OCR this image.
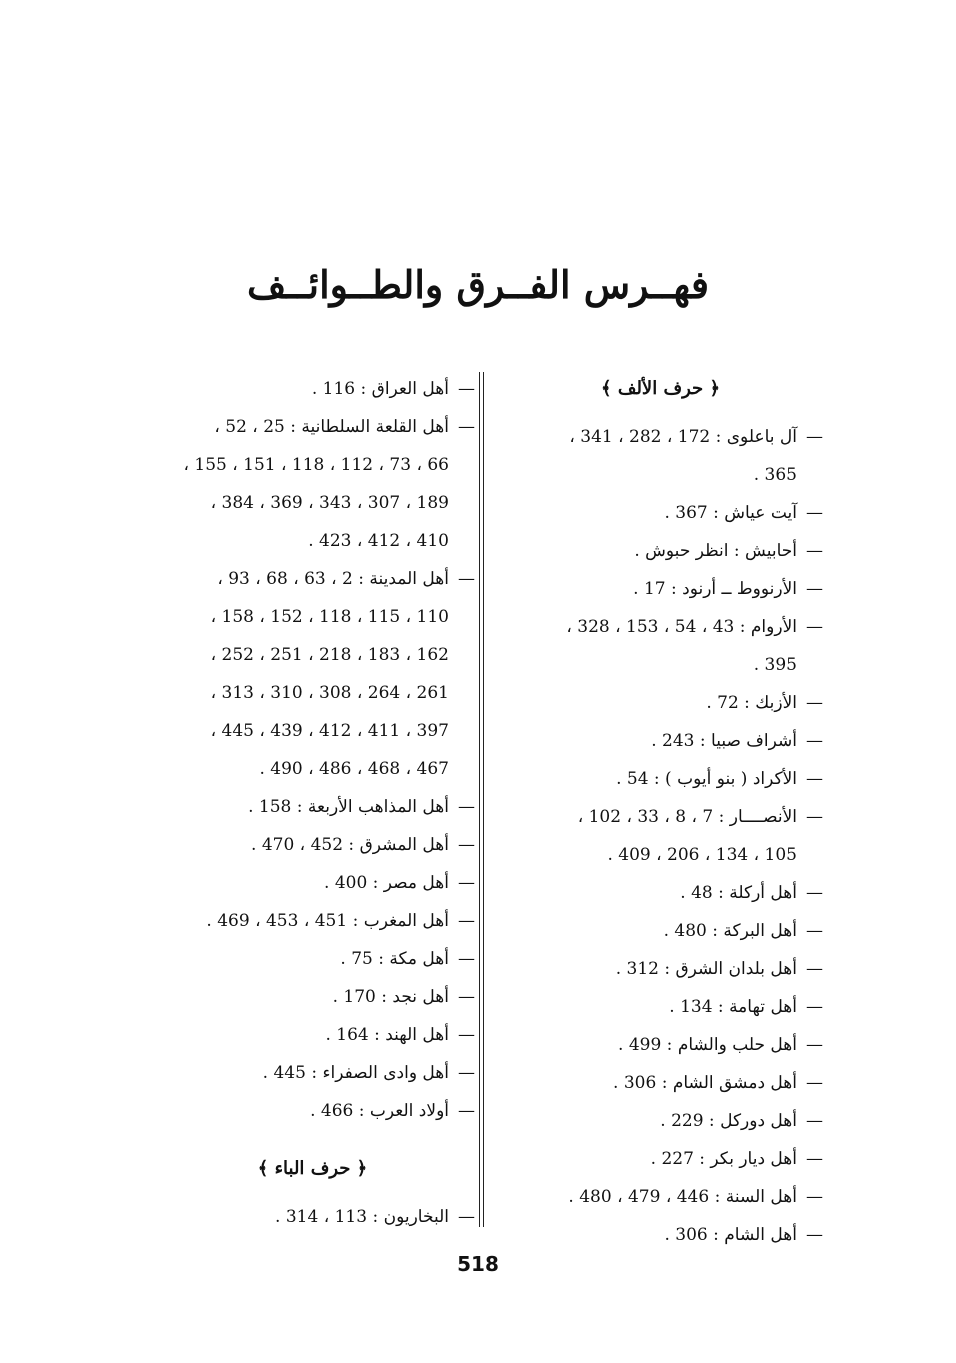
فهــرس الفــرق والطــوائــف
﴿ حرف الألف ﴾
—
آل باعلوى : 172 ، 282 ، 341 ،
365 .
—
آيت عياش : 367 .
—
أحابيش : انظر حبوش .
—
الأرنووط ــ أرنود : 17 .
—
الأروام : 43 ، 54 ، 153 ، 328 ،
395 .
—
الأزبك : 72 .
—
أشراف صبيا : 243 .
—
الأكراد ( بنو أيوب ) : 54 .
—
الأنصــــار : 7 ، 8 ، 33 ، 102 ،
105 ، 134 ، 206 ، 409 .
—
أهل أركلة : 48 .
—
أهل البركة : 480 .
—
أهل بلدان الشرق : 312 .
—
أهل تهامة : 134 .
—
أهل حلب والشام : 499 .
—
أهل دمشق الشام : 306 .
—
أهل دوركل : 229 .
—
أهل ديار بكر : 227 .
—
أهل السنة : 446 ، 479 ، 480 .
—
أهل الشام : 306 .
—
أهل العراق : 116 .
—
أهل القلعة السلطانية : 25 ، 52 ،
66 ، 73 ، 112 ، 118 ، 151 ، 155 ،
189 ، 307 ، 343 ، 369 ، 384 ،
410 ، 412 ، 423 .
—
أهل المدينة : 2 ، 63 ، 68 ، 93 ،
110 ، 115 ، 118 ، 152 ، 158 ،
162 ، 183 ، 218 ، 251 ، 252 ،
261 ، 264 ، 308 ، 310 ، 313 ،
397 ، 411 ، 412 ، 439 ، 445 ،
467 ، 468 ، 486 ، 490 .
—
أهل المذاهب الأربعة : 158 .
—
أهل المشرق : 452 ، 470 .
—
أهل مصر : 400 .
—
أهل المغرب : 451 ، 453 ، 469 .
—
أهل مكة : 75 .
—
أهل نجد : 170 .
—
أهل الهند : 164 .
—
أهل وادى الصفراء : 445 .
—
أولاد العرب : 466 .
﴿ حرف الباء ﴾
—
البخاريون : 113 ، 314 .
518
